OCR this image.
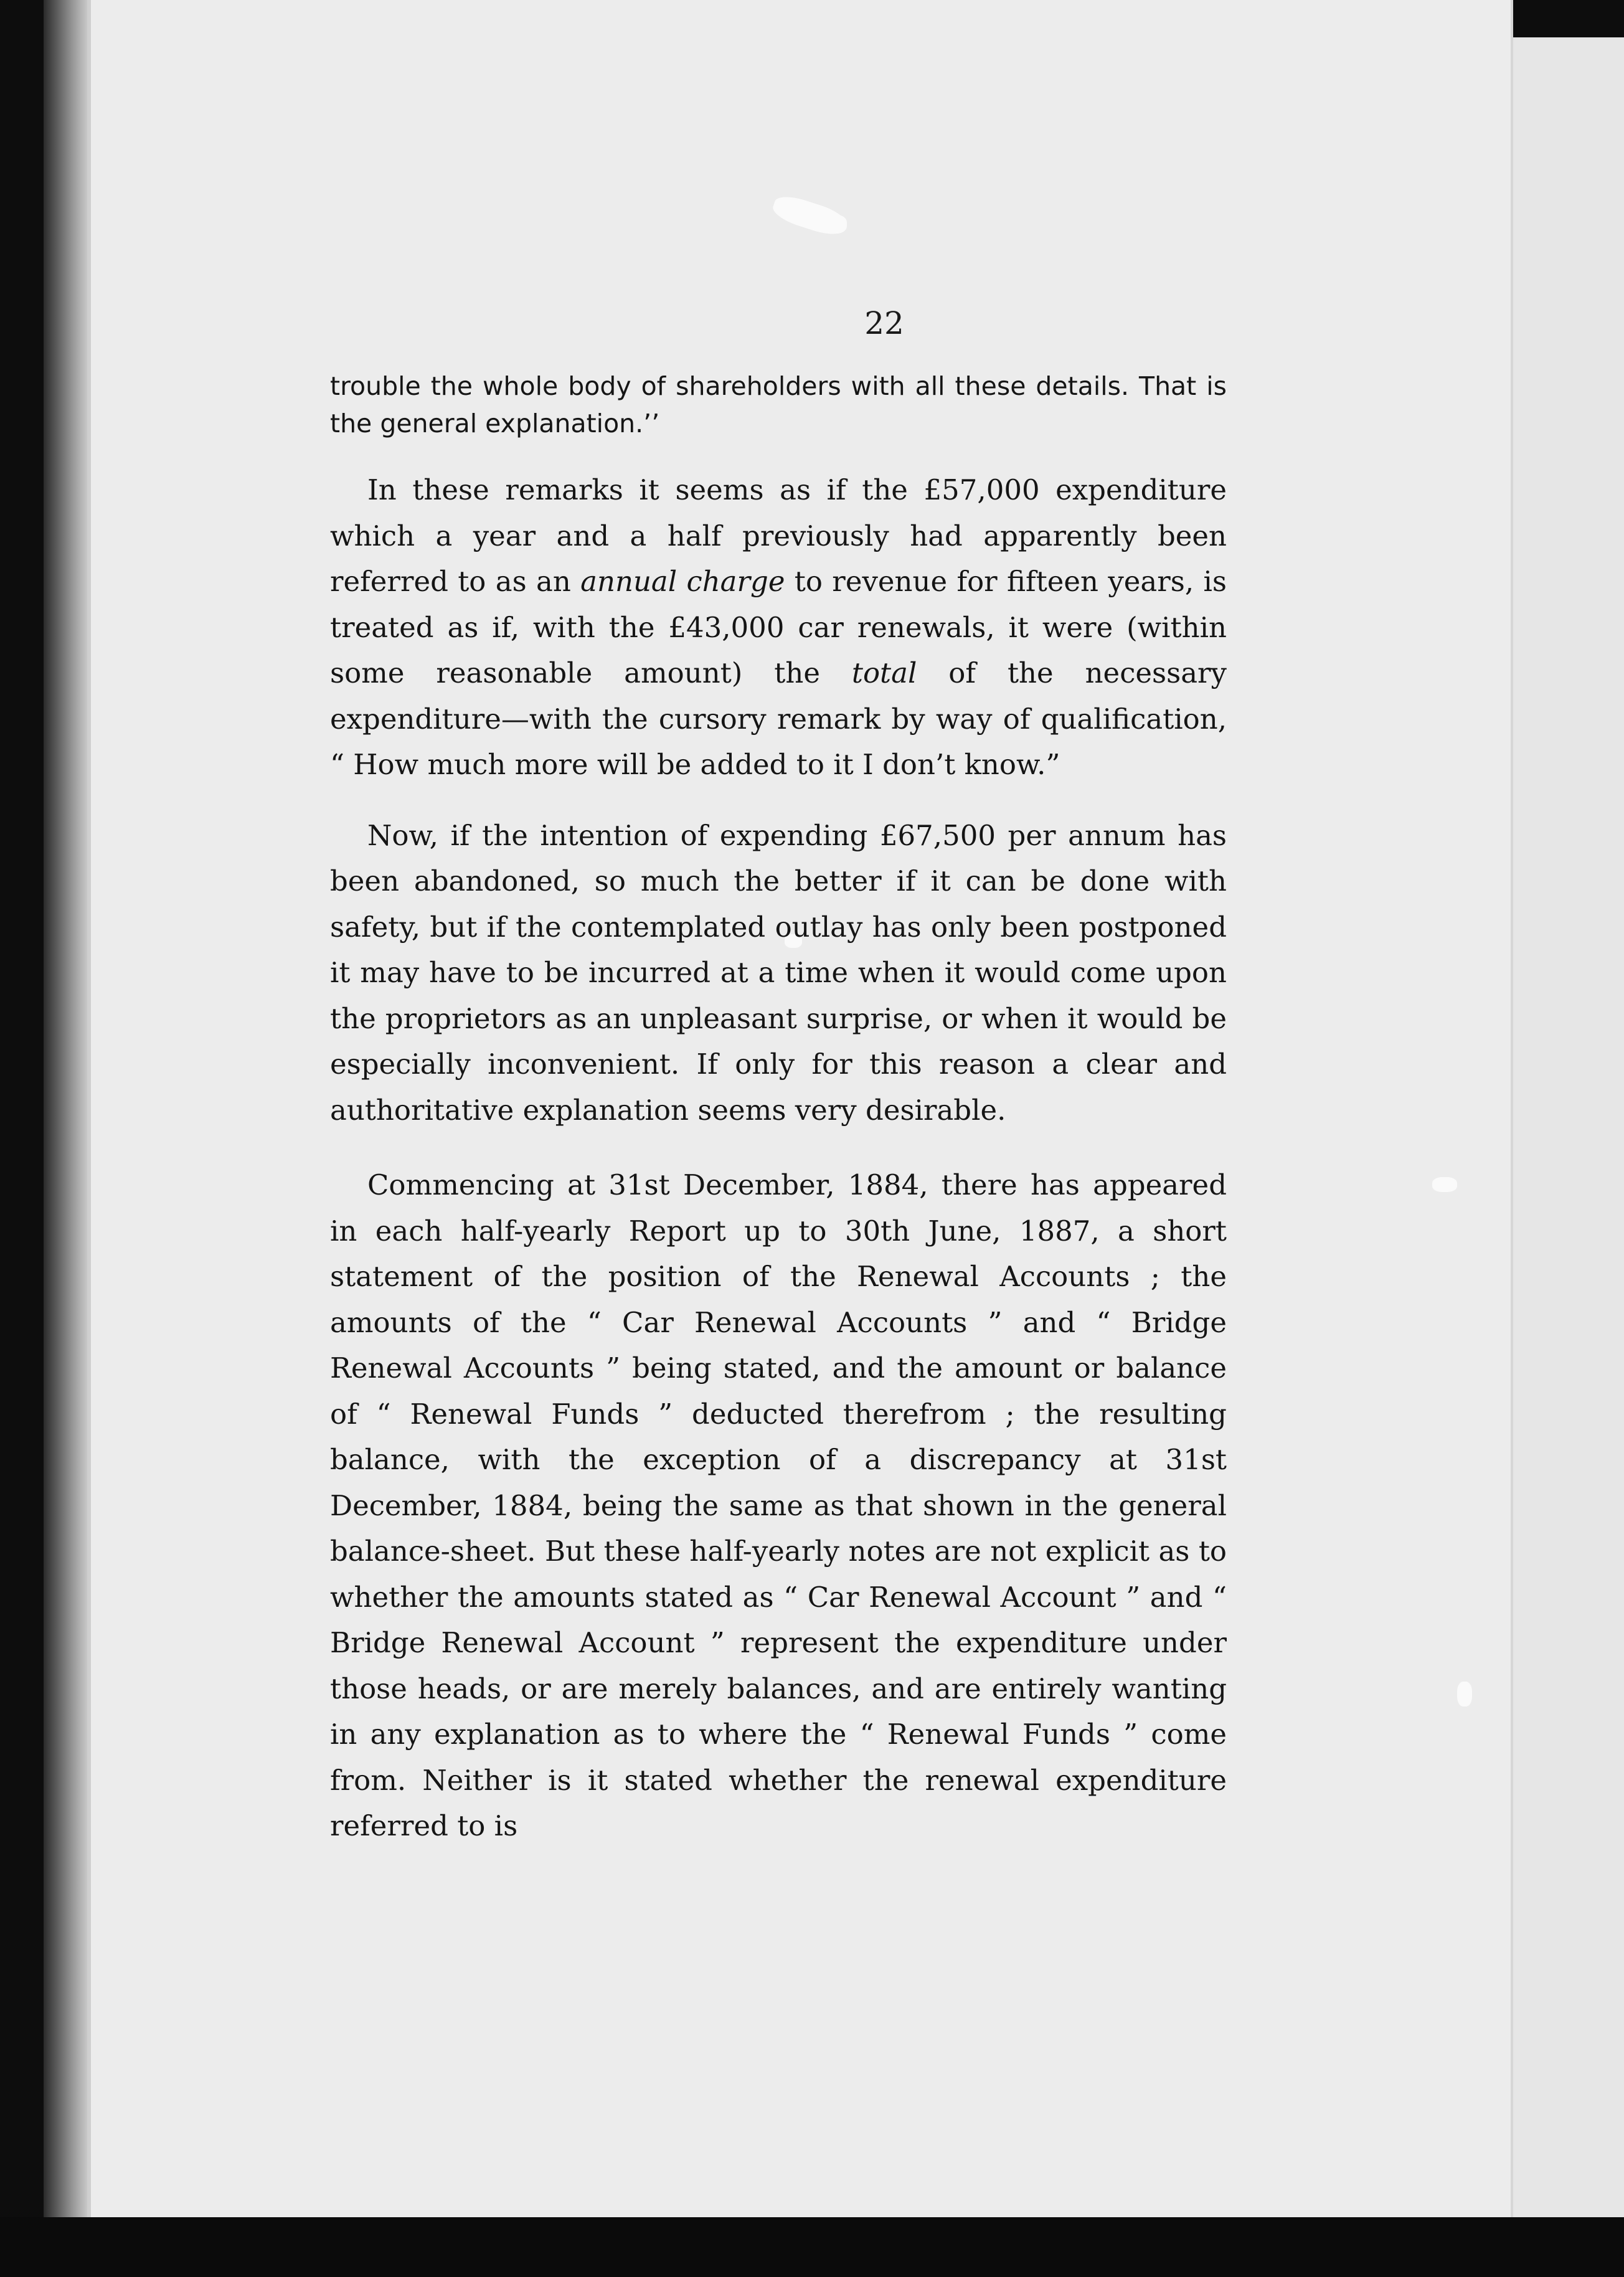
22

trouble the whole body of shareholders with all these details. That is the general explanation.’’

In these remarks it seems as if the £57,000 expenditure which a year and a half previously had apparently been referred to as an annual charge to revenue for fifteen years, is treated as if, with the £43,000 car renewals, it were (within some reasonable amount) the total of the necessary expenditure—with the cursory remark by way of qualification, “ How much more will be added to it I don’t know.”

Now, if the intention of expending £67,500 per annum has been abandoned, so much the better if it can be done with safety, but if the contemplated outlay has only been postponed it may have to be incurred at a time when it would come upon the proprietors as an unpleasant surprise, or when it would be especially inconvenient. If only for this reason a clear and authoritative explanation seems very desirable.

Commencing at 31st December, 1884, there has appeared in each half-yearly Report up to 30th June, 1887, a short statement of the position of the Renewal Accounts ; the amounts of the “ Car Renewal Accounts ” and “ Bridge Renewal Accounts ” being stated, and the amount or balance of “ Renewal Funds ” deducted therefrom ; the resulting balance, with the exception of a discrepancy at 31st December, 1884, being the same as that shown in the general balance-sheet. But these half-yearly notes are not explicit as to whether the amounts stated as “ Car Renewal Account ” and “ Bridge Renewal Account ” represent the expenditure under those heads, or are merely balances, and are entirely wanting in any explanation as to where the “ Renewal Funds ” come from. Neither is it stated whether the renewal expenditure referred to is
